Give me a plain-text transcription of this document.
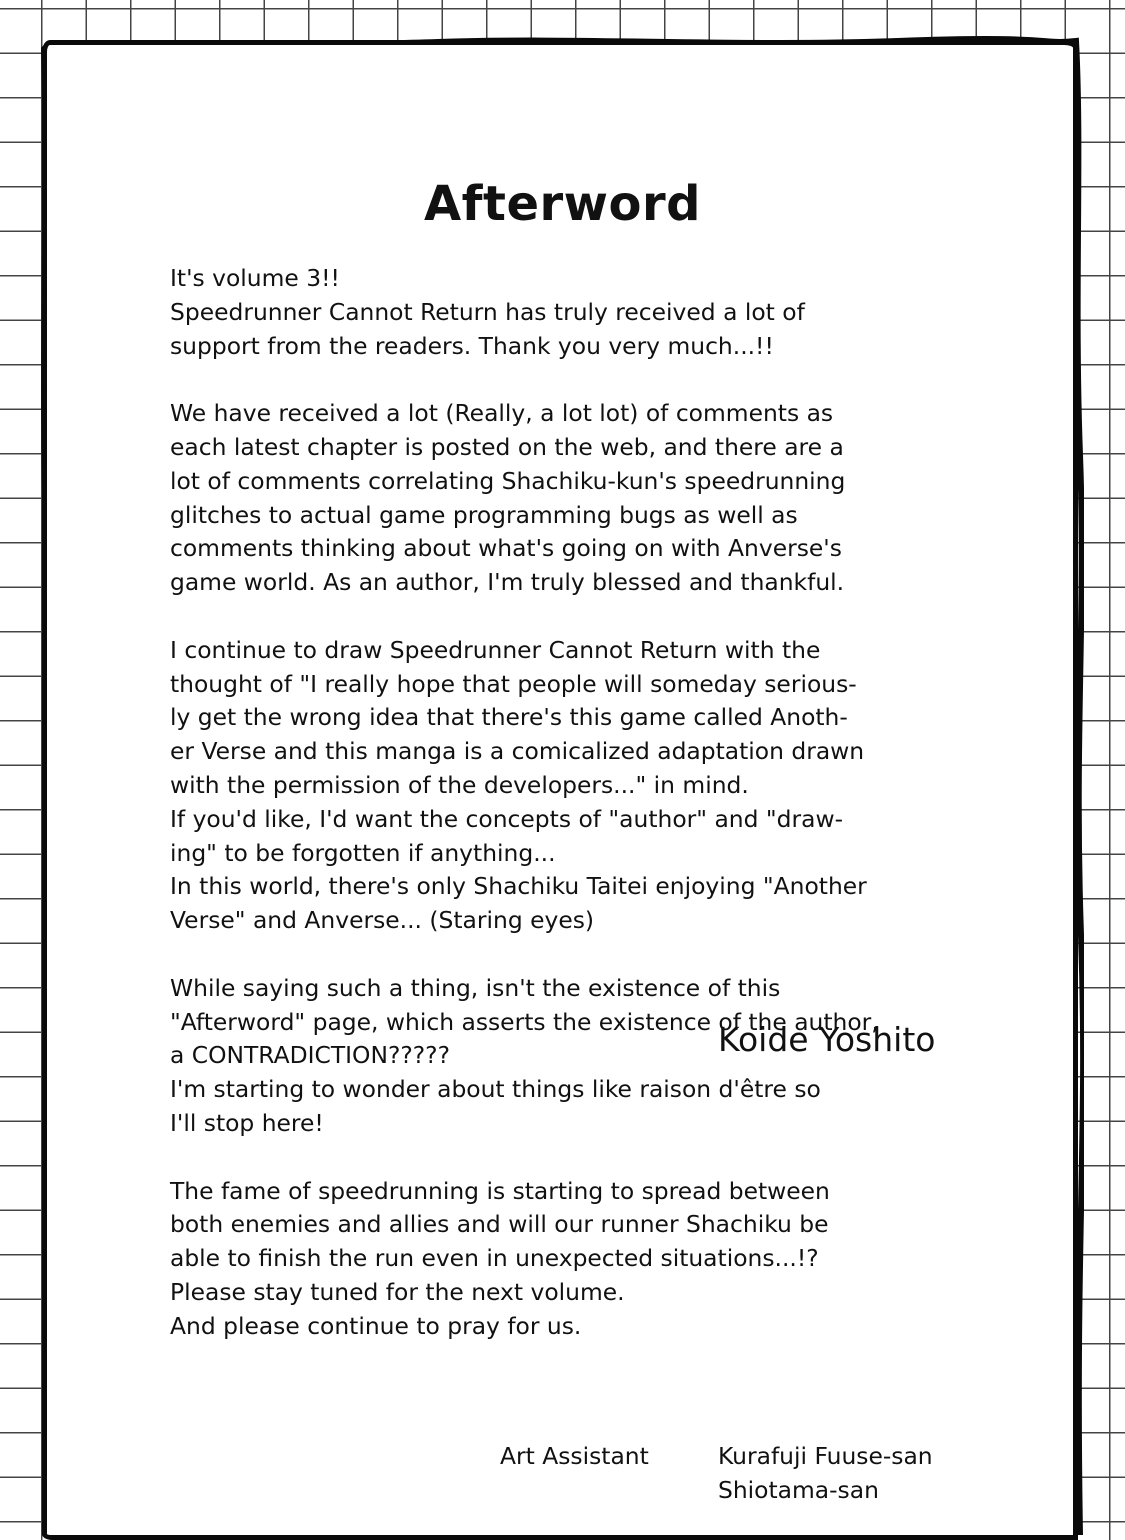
Afterword

It's volume 3!!
Speedrunner Cannot Return has truly received a lot of
support from the readers. Thank you very much...!!

We have received a lot (Really, a lot lot) of comments as
each latest chapter is posted on the web, and there are a
lot of comments correlating Shachiku-kun's speedrunning
glitches to actual game programming bugs as well as
comments thinking about what's going on with Anverse's
game world. As an author, I'm truly blessed and thankful.

I continue to draw Speedrunner Cannot Return with the
thought of "I really hope that people will someday serious-
ly get the wrong idea that there's this game called Anoth-
er Verse and this manga is a comicalized adaptation drawn
with the permission of the developers..." in mind.
If you'd like, I'd want the concepts of "author" and "draw-
ing" to be forgotten if anything...
In this world, there's only Shachiku Taitei enjoying "Another
Verse" and Anverse... (Staring eyes)

While saying such a thing, isn't the existence of this
"Afterword" page, which asserts the existence of the author,
a CONTRADICTION?????
I'm starting to wonder about things like raison d'être so
I'll stop here!

The fame of speedrunning is starting to spread between
both enemies and allies and will our runner Shachiku be
able to finish the run even in unexpected situations...!?
Please stay tuned for the next volume.
And please continue to pray for us.

Koide Yoshito
Art Assistant	Kurafuji Fuuse-san
Shiotama-san
